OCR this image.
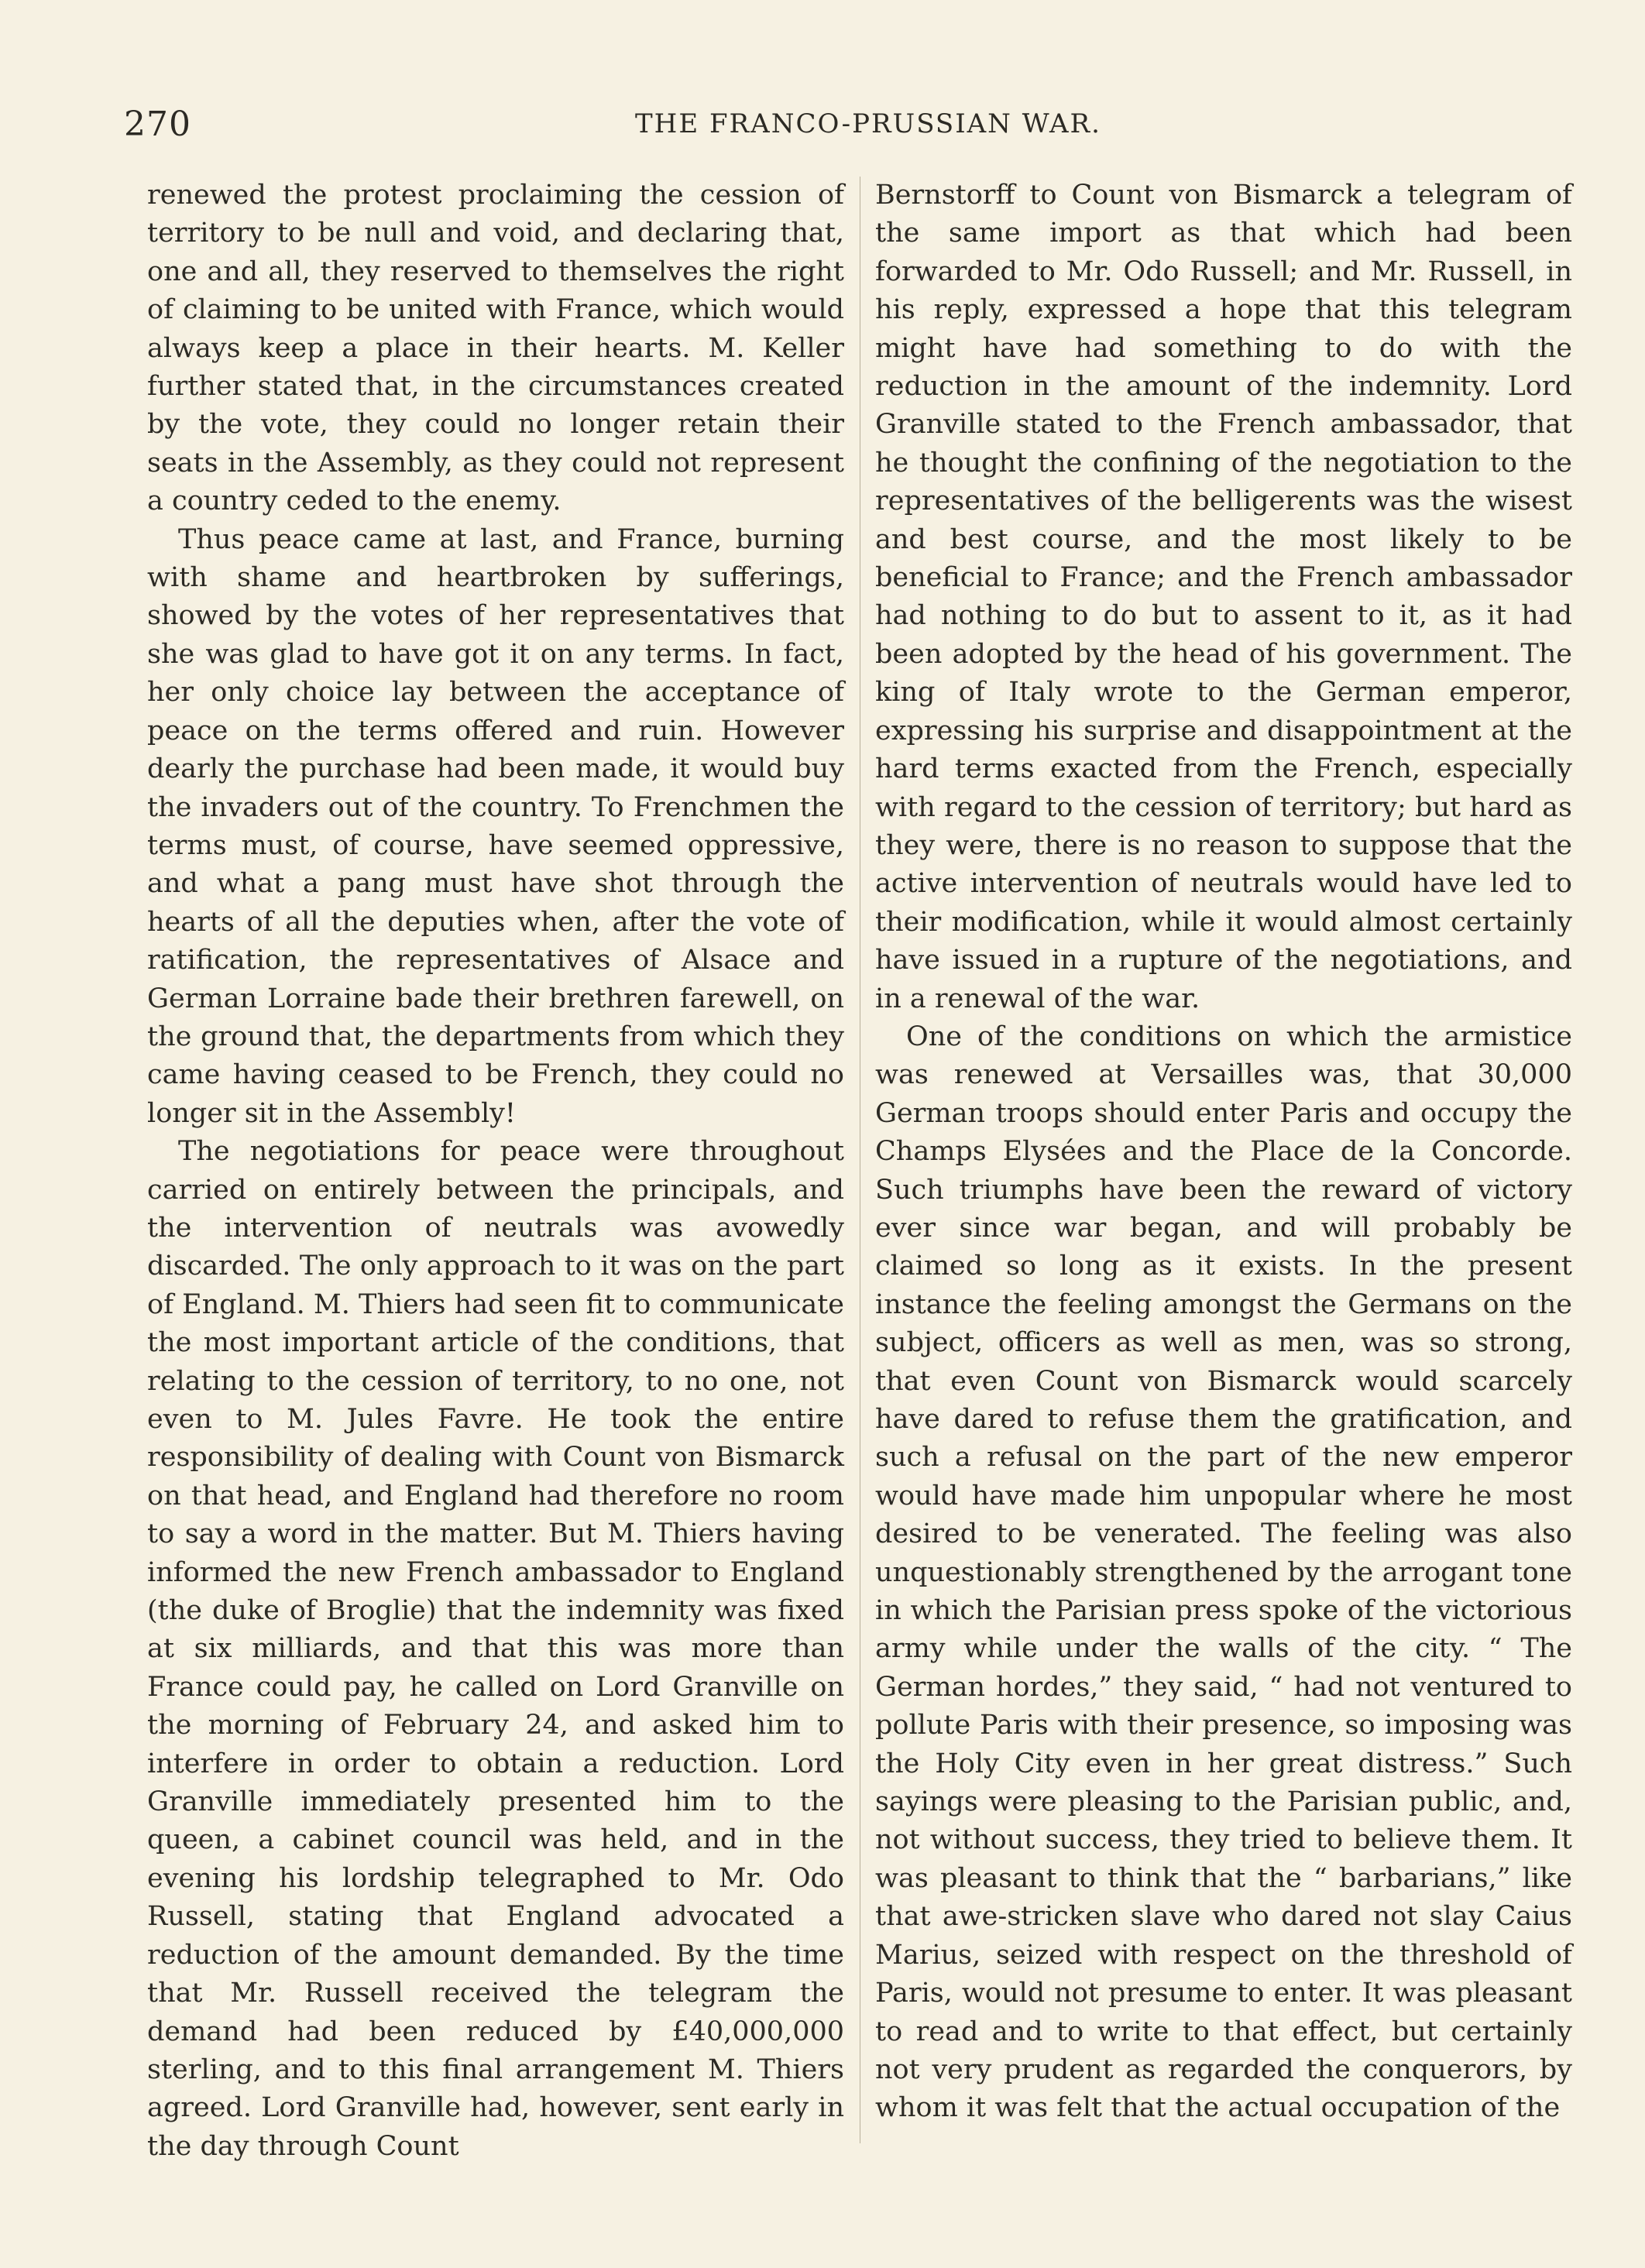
270	THE FRANCO-PRUSSIAN WAR.

renewed the protest proclaiming the cession of territory to be null and void, and declaring that, one and all, they reserved to themselves the right of claiming to be united with France, which would always keep a place in their hearts. M. Keller further stated that, in the circumstances created by the vote, they could no longer retain their seats in the Assembly, as they could not represent a country ceded to the enemy.

Thus peace came at last, and France, burning with shame and heartbroken by sufferings, showed by the votes of her representatives that she was glad to have got it on any terms. In fact, her only choice lay between the acceptance of peace on the terms offered and ruin. However dearly the purchase had been made, it would buy the invaders out of the country. To Frenchmen the terms must, of course, have seemed oppressive, and what a pang must have shot through the hearts of all the deputies when, after the vote of ratification, the representatives of Alsace and German Lorraine bade their brethren farewell, on the ground that, the departments from which they came having ceased to be French, they could no longer sit in the Assembly!

The negotiations for peace were throughout carried on entirely between the principals, and the intervention of neutrals was avowedly discarded. The only approach to it was on the part of England. M. Thiers had seen fit to communicate the most important article of the conditions, that relating to the cession of territory, to no one, not even to M. Jules Favre. He took the entire responsibility of dealing with Count von Bismarck on that head, and England had therefore no room to say a word in the matter. But M. Thiers having informed the new French ambassador to England (the duke of Broglie) that the indemnity was fixed at six milliards, and that this was more than France could pay, he called on Lord Granville on the morning of February 24, and asked him to interfere in order to obtain a reduction. Lord Granville immediately presented him to the queen, a cabinet council was held, and in the evening his lordship telegraphed to Mr. Odo Russell, stating that England advocated a reduction of the amount demanded. By the time that Mr. Russell received the telegram the demand had been reduced by £40,000,000 sterling, and to this final arrangement M. Thiers agreed. Lord Granville had, however, sent early in the day through Count

Bernstorff to Count von Bismarck a telegram of the same import as that which had been forwarded to Mr. Odo Russell; and Mr. Russell, in his reply, expressed a hope that this telegram might have had something to do with the reduction in the amount of the indemnity. Lord Granville stated to the French ambassador, that he thought the confining of the negotiation to the representatives of the belligerents was the wisest and best course, and the most likely to be beneficial to France; and the French ambassador had nothing to do but to assent to it, as it had been adopted by the head of his government. The king of Italy wrote to the German emperor, expressing his surprise and disappointment at the hard terms exacted from the French, especially with regard to the cession of territory; but hard as they were, there is no reason to suppose that the active intervention of neutrals would have led to their modification, while it would almost certainly have issued in a rupture of the negotiations, and in a renewal of the war.

One of the conditions on which the armistice was renewed at Versailles was, that 30,000 German troops should enter Paris and occupy the Champs Elysées and the Place de la Concorde. Such triumphs have been the reward of victory ever since war began, and will probably be claimed so long as it exists. In the present instance the feeling amongst the Germans on the subject, officers as well as men, was so strong, that even Count von Bismarck would scarcely have dared to refuse them the gratification, and such a refusal on the part of the new emperor would have made him unpopular where he most desired to be venerated. The feeling was also unquestionably strengthened by the arrogant tone in which the Parisian press spoke of the victorious army while under the walls of the city. “ The German hordes,” they said, “ had not ventured to pollute Paris with their presence, so imposing was the Holy City even in her great distress.” Such sayings were pleasing to the Parisian public, and, not without success, they tried to believe them. It was pleasant to think that the “ barbarians,” like that awe-stricken slave who dared not slay Caius Marius, seized with respect on the threshold of Paris, would not presume to enter. It was pleasant to read and to write to that effect, but certainly not very prudent as regarded the conquerors, by whom it was felt that the actual occupation of the
